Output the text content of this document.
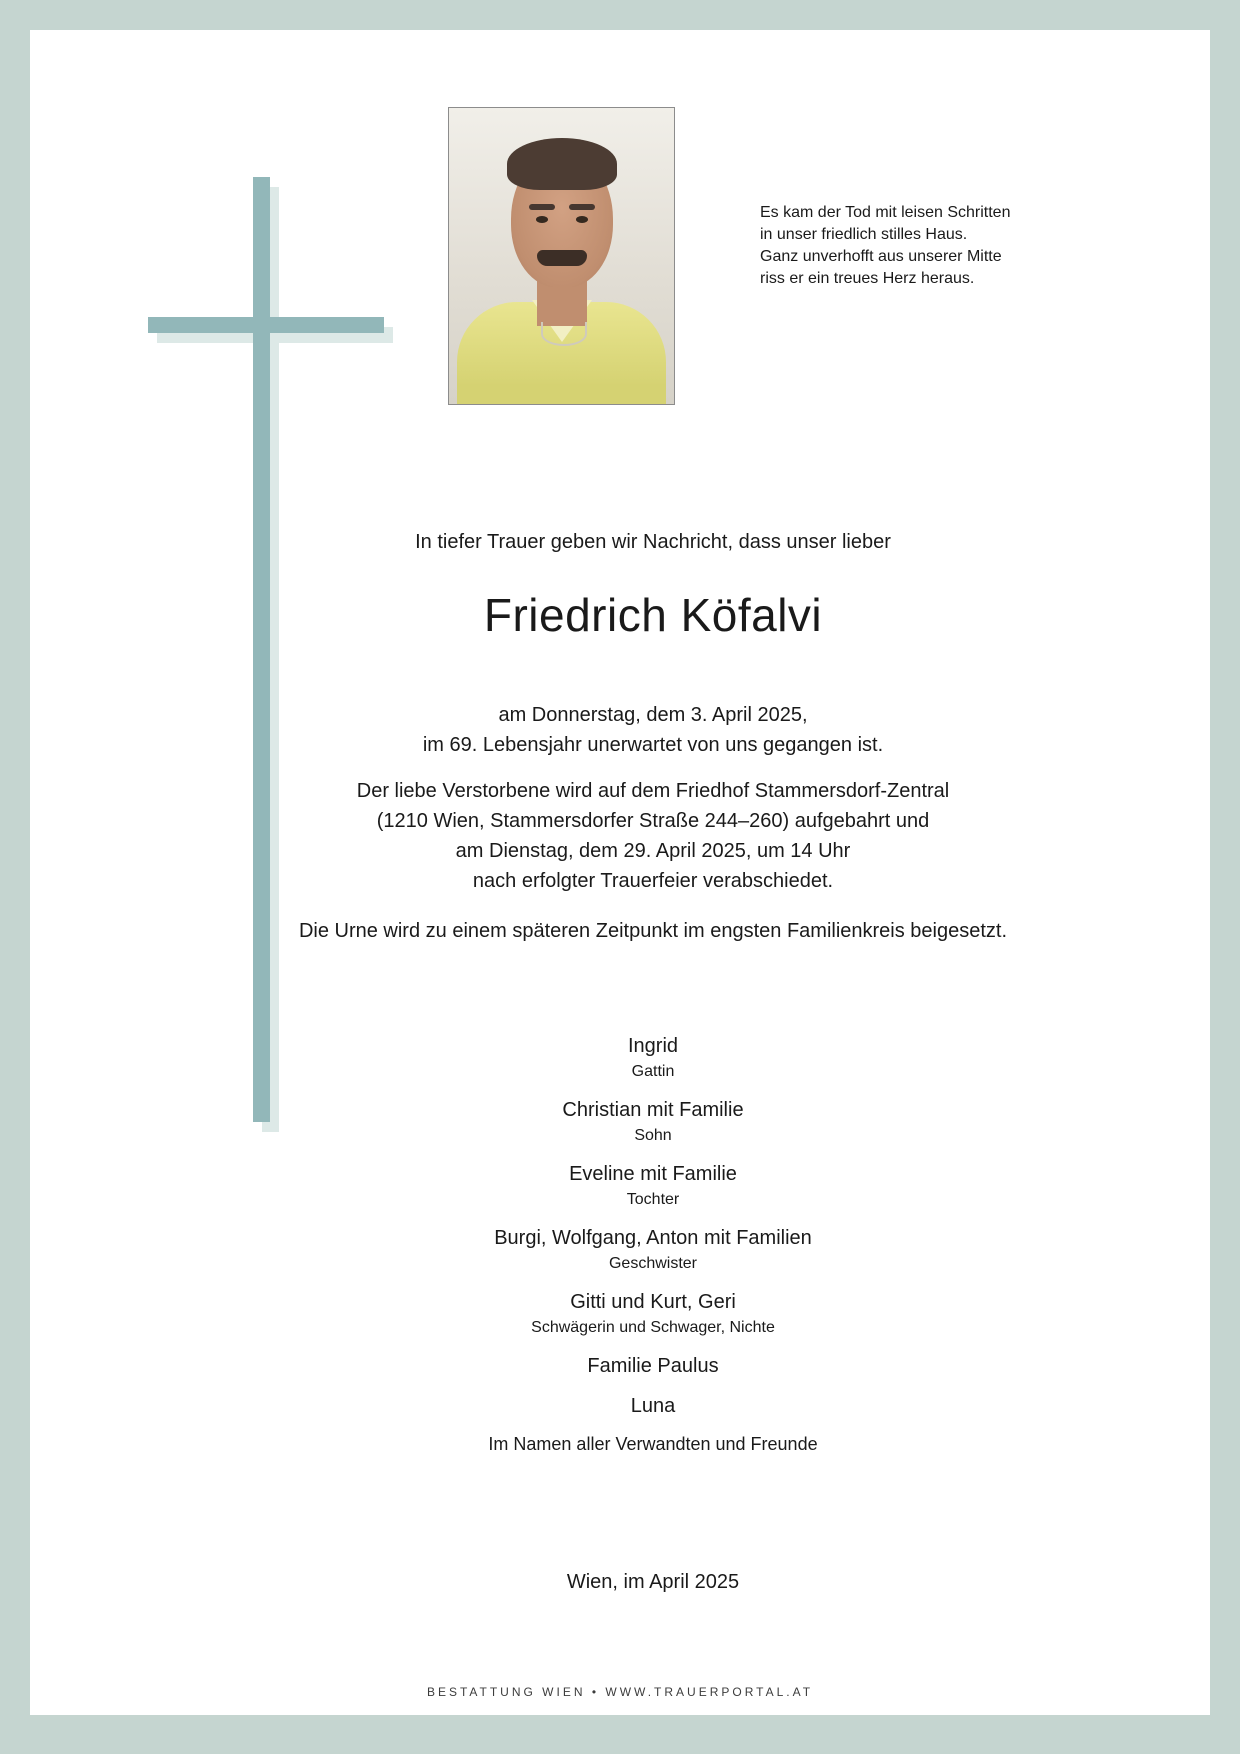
Es kam der Tod mit leisen Schritten
in unser friedlich stilles Haus.
Ganz unverhofft aus unserer Mitte
riss er ein treues Herz heraus.
In tiefer Trauer geben wir Nachricht, dass unser lieber
Friedrich Köfalvi
am Donnerstag, dem 3. April 2025,
im 69. Lebensjahr unerwartet von uns gegangen ist.
Der liebe Verstorbene wird auf dem Friedhof Stammersdorf-Zentral
(1210 Wien, Stammersdorfer Straße 244–260) aufgebahrt und
am Dienstag, dem 29. April 2025, um 14 Uhr
nach erfolgter Trauerfeier verabschiedet.
Die Urne wird zu einem späteren Zeitpunkt im engsten Familienkreis beigesetzt.
Ingrid
Gattin
Christian mit Familie
Sohn
Eveline mit Familie
Tochter
Burgi, Wolfgang, Anton mit Familien
Geschwister
Gitti und Kurt, Geri
Schwägerin und Schwager, Nichte
Familie Paulus
Luna
Im Namen aller Verwandten und Freunde
Wien, im April 2025
BESTATTUNG WIEN • WWW.TRAUERPORTAL.AT
